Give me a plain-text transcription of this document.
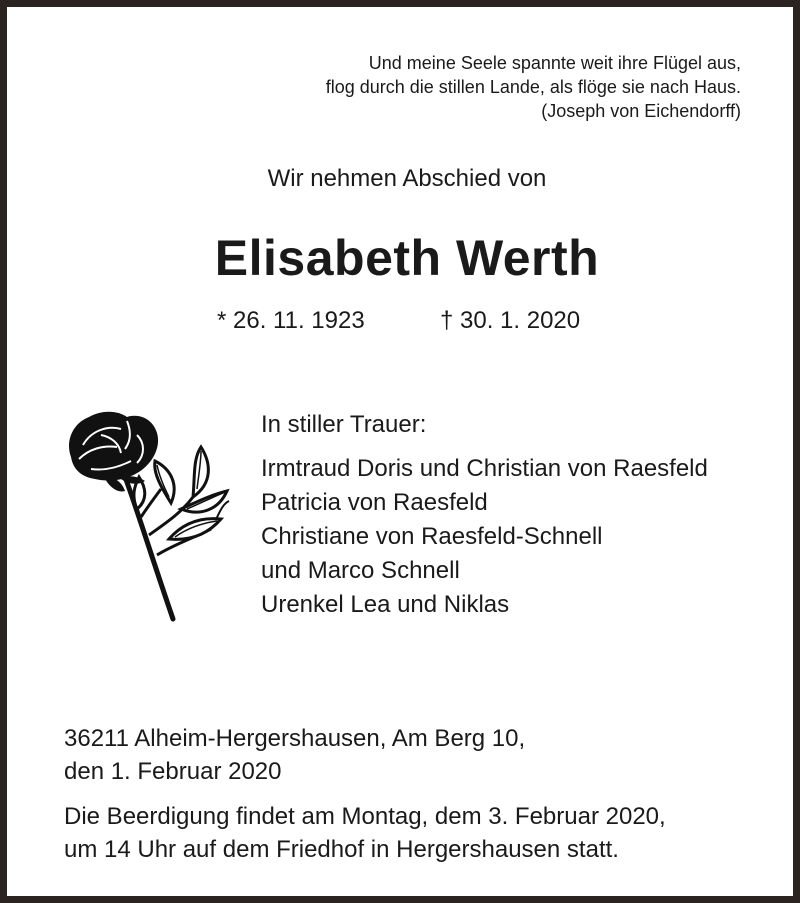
Und meine Seele spannte weit ihre Flügel aus,
flog durch die stillen Lande, als flöge sie nach Haus.
(Joseph von Eichendorff)
Wir nehmen Abschied von
Elisabeth Werth
* 26. 11. 1923	† 30. 1. 2020
In stiller Trauer:
Irmtraud Doris und Christian von Raesfeld
Patricia von Raesfeld
Christiane von Raesfeld-Schnell
und Marco Schnell
Urenkel Lea und Niklas
36211 Alheim-Hergershausen, Am Berg 10,
den 1. Februar 2020
Die Beerdigung findet am Montag, dem 3. Februar 2020,
um 14 Uhr auf dem Friedhof in Hergershausen statt.
